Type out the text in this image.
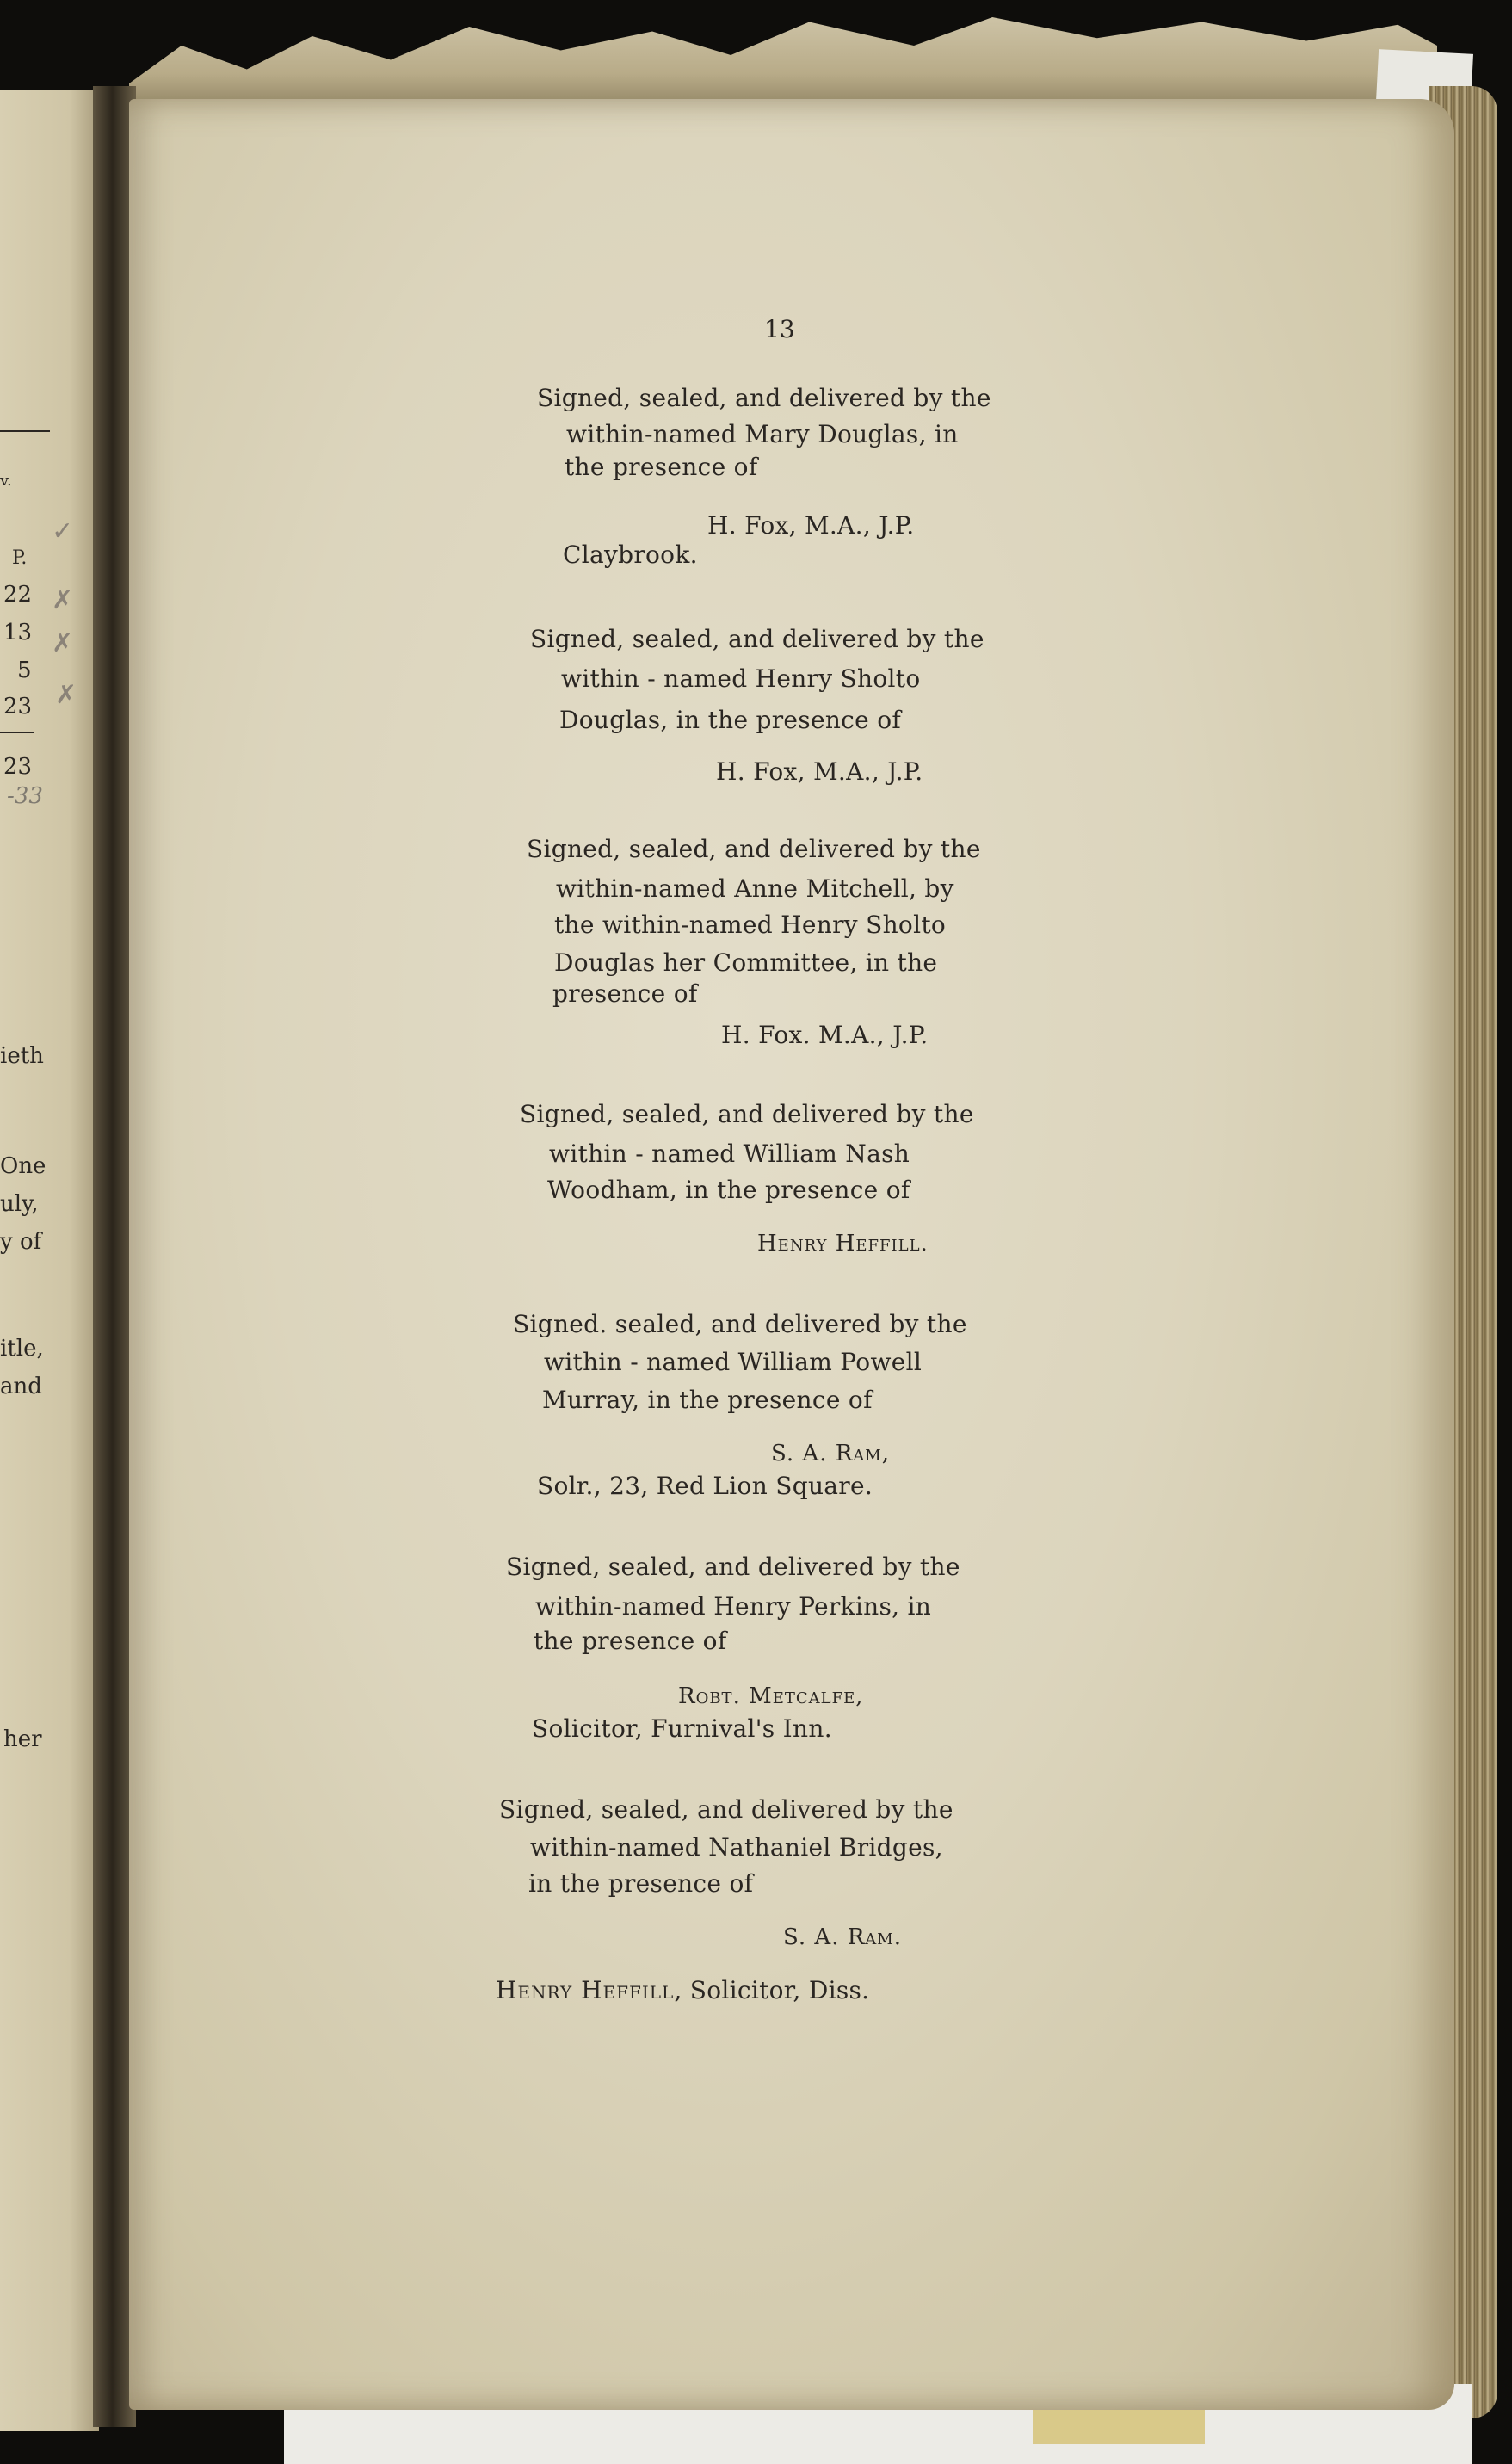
v.
P.
22
13
5
23
23
-33
✓
✗
✗
✗
ieth
One
uly,
y of
itle,
and
her
13
Signed, sealed, and delivered by the
within-named Mary Douglas, in
the presence of
H. Fox, M.A., J.P.
Claybrook.
Signed, sealed, and delivered by the
within - named Henry Sholto
Douglas, in the presence of
H. Fox, M.A., J.P.
Signed, sealed, and delivered by the
within-named Anne Mitchell, by
the within-named Henry Sholto
Douglas her Committee, in the
presence of
H. Fox. M.A., J.P.
Signed, sealed, and delivered by the
within - named William Nash
Woodham, in the presence of
Henry Heffill.
Signed. sealed, and delivered by the
within - named William Powell
Murray, in the presence of
S. A. Ram,
Solr., 23, Red Lion Square.
Signed, sealed, and delivered by the
within-named Henry Perkins, in
the presence of
Robt. Metcalfe,
Solicitor, Furnival's Inn.
Signed, sealed, and delivered by the
within-named Nathaniel Bridges,
in the presence of
S. A. Ram.
Henry Heffill, Solicitor, Diss.
